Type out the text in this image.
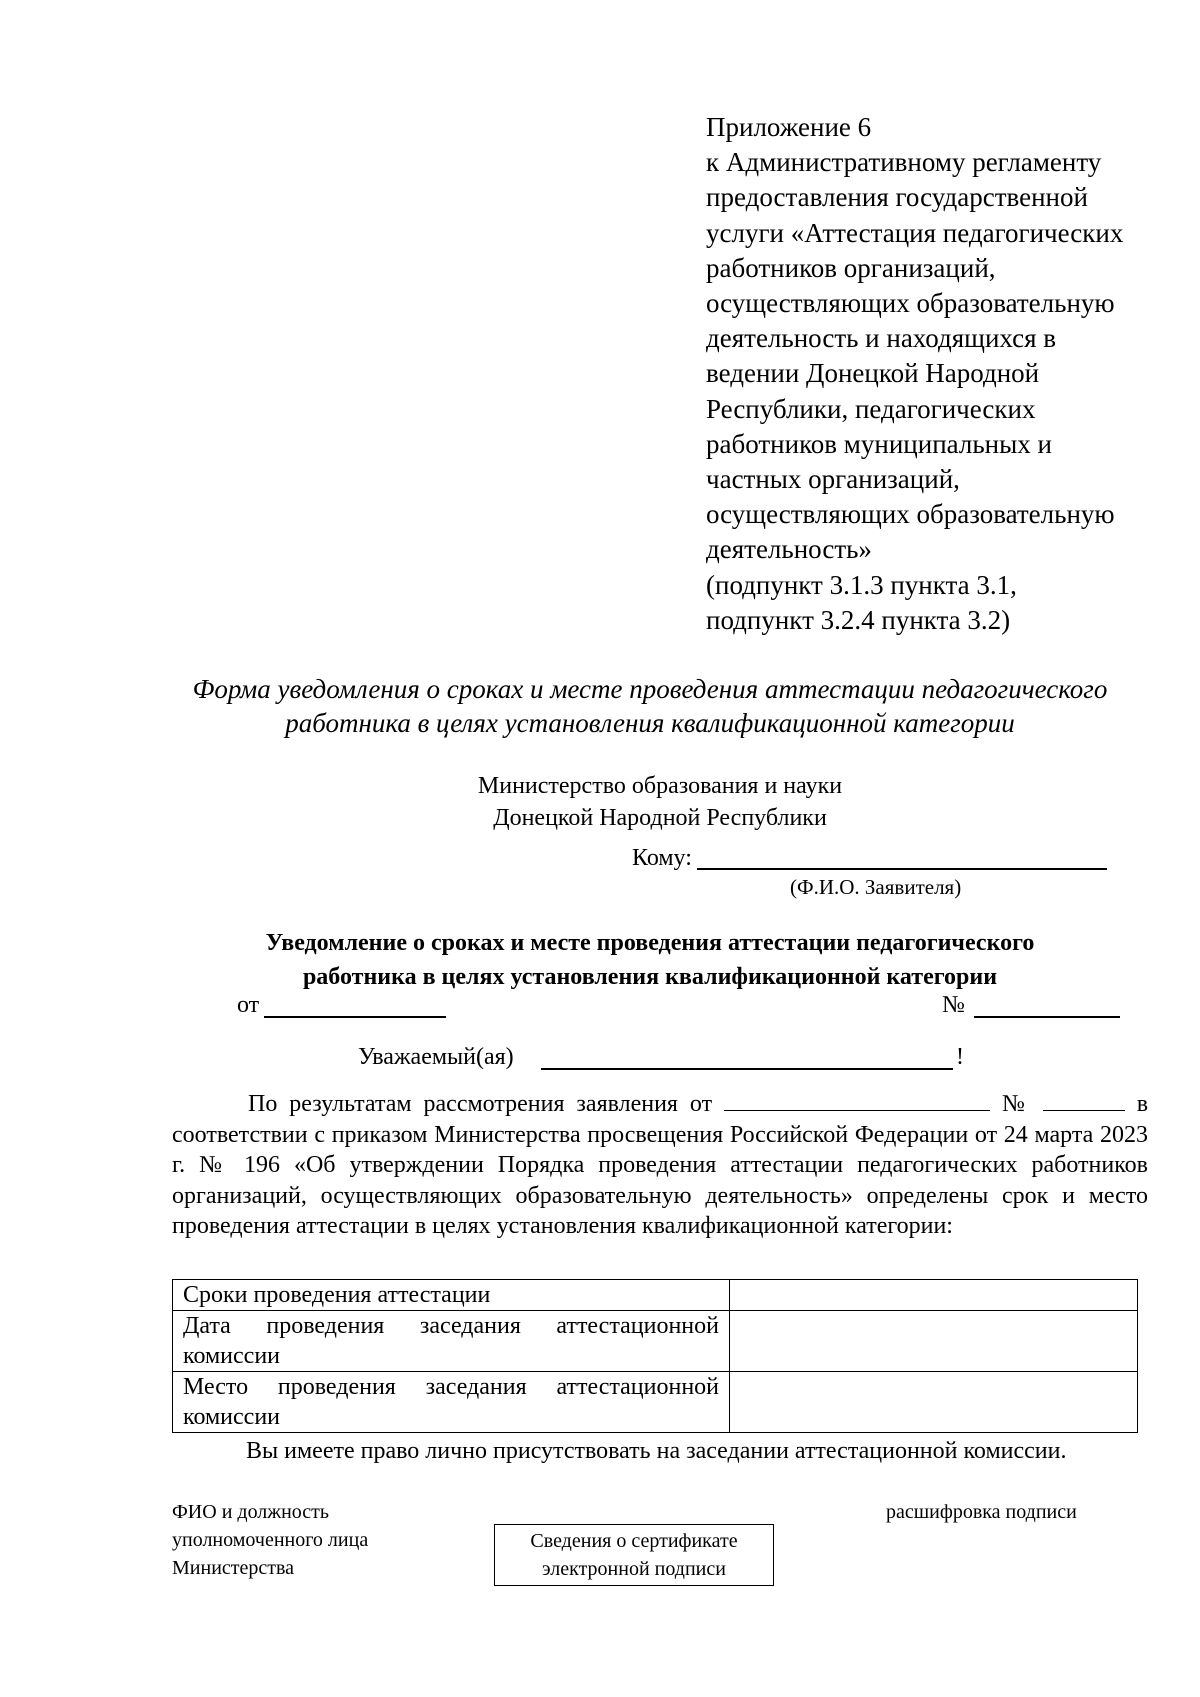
Приложение 6
к Административному регламенту
предоставления государственной
услуги «Аттестация педагогических
работников организаций,
осуществляющих образовательную
деятельность и находящихся в
ведении Донецкой Народной
Республики, педагогических
работников муниципальных и
частных организаций,
осуществляющих образовательную
деятельность»
(подпункт 3.1.3 пункта 3.1,
подпункт 3.2.4 пункта 3.2)
Форма уведомления о сроках и месте проведения аттестации педагогического
работника в целях установления квалификационной категории
Министерство образования и науки
Донецкой Народной Республики
Кому:
(Ф.И.О. Заявителя)
Уведомление о сроках и месте проведения аттестации педагогического
работника в целях установления квалификационной категории
от	№
Уважаемый(ая)	!
По результатам рассмотрения заявления от	№	в соответствии с приказом Министерства просвещения Российской Федерации от 24 марта 2023 г. № 196 «Об утверждении Порядка проведения аттестации педагогических работников организаций, осуществляющих образовательную деятельность» определены срок и место проведения аттестации в целях установления квалификационной категории:
Сроки проведения аттестации	
Дата проведения заседания аттестационной комиссии	
Место проведения заседания аттестационной комиссии	
Вы имеете право лично присутствовать на заседании аттестационной комиссии.
ФИО и должность
уполномоченного лица
Министерства
Сведения о сертификате
электронной подписи
расшифровка подписи
